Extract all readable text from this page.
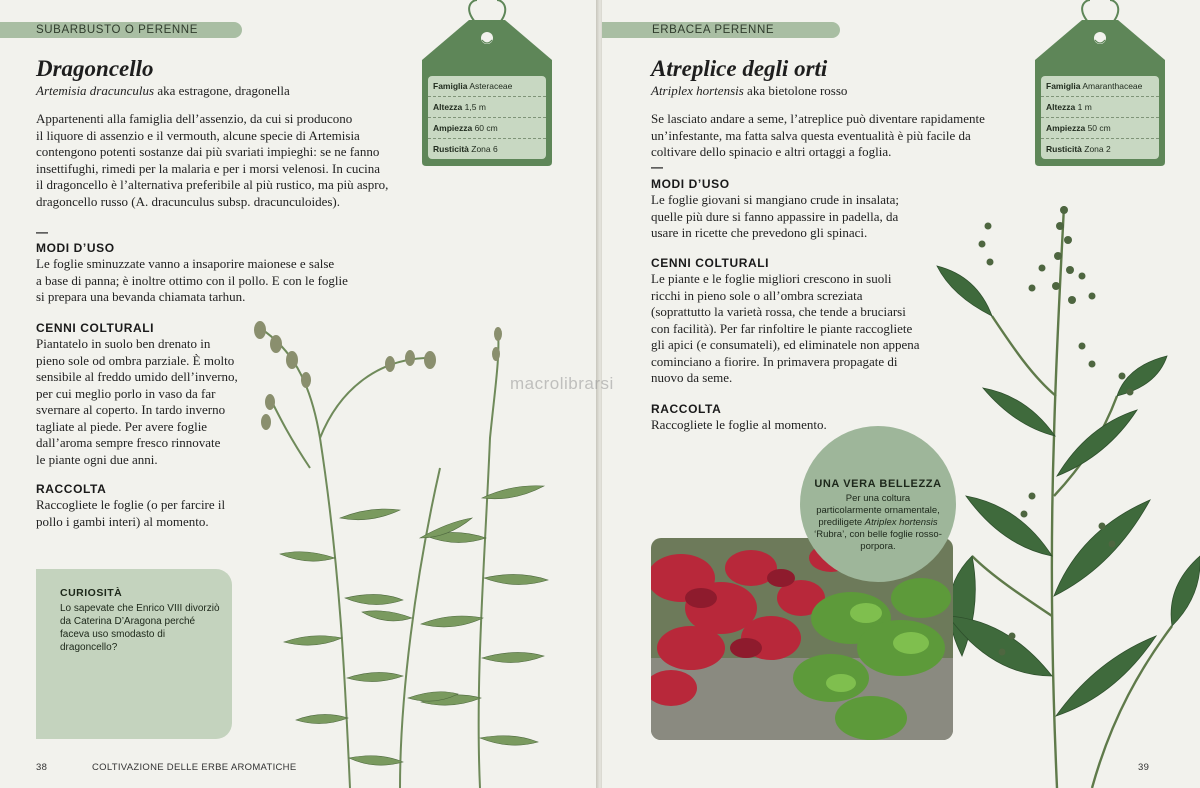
SUBARBUSTO O PERENNE
Dragoncello
Artemisia dracunculus aka estragone, dragonella

Appartenenti alla famiglia dell’assenzio, da cui si producono

il liquore di assenzio e il vermouth, alcune specie di Artemisia

contengono potenti sostanze dai più svariati impieghi: se ne fanno

insettifughi, rimedi per la malaria e per i morsi velenosi. In cucina

il dragoncello è l’alternativa preferibile al più rustico, ma più aspro,

dragoncello russo (A. dracunculus subsp. dracunculoides).

—
MODI D’USO

Le foglie sminuzzate vanno a insaporire maionese e salse

a base di panna; è inoltre ottimo con il pollo. E con le foglie

si prepara una bevanda chiamata tarhun.

CENNI COLTURALI

Piantatelo in suolo ben drenato in

pieno sole od ombra parziale. È molto

sensibile al freddo umido dell’inverno,

per cui meglio porlo in vaso da far

svernare al coperto. In tardo inverno

tagliate al piede. Per avere foglie

dall’aroma sempre fresco rinnovate

le piante ogni due anni.

RACCOLTA

Raccogliete le foglie (o per farcire il

pollo i gambi interi) al momento.

Famiglia Asteraceae
Altezza 1,5 m
Ampiezza 60 cm
Rusticità Zona 6
CURIOSITÀ

Lo sapevate che Enrico VIII divorziò da Caterina D’Aragona perché faceva uso smodasto di dragoncello?

38	COLTIVAZIONE DELLE ERBE AROMATICHE
ERBACEA PERENNE
Atreplice degli orti
Atriplex hortensis aka bietolone rosso

Se lasciato andare a seme, l’atreplice può diventare rapidamente

un’infestante, ma fatta salva questa eventualità è più facile da

coltivare dello spinacio e altri ortaggi a foglia.

—
MODI D’USO

Le foglie giovani si mangiano crude in insalata;

quelle più dure si fanno appassire in padella, da

usare in ricette che prevedono gli spinaci.

CENNI COLTURALI

Le piante e le foglie migliori crescono in suoli

ricchi in pieno sole o all’ombra screziata

(soprattutto la varietà rossa, che tende a bruciarsi

con facilità). Per far rinfoltire le piante raccogliete

gli apici (e consumateli), ed eliminatele non appena

cominciano a fiorire. In primavera propagate di

nuovo da seme.

RACCOLTA

Raccogliete le foglie al momento.

Famiglia Amaranthaceae
Altezza 1 m
Ampiezza 50 cm
Rusticità Zona 2
UNA VERA BELLEZZA

Per una coltura
particolarmente ornamentale,
prediligete Atriplex hortensis
‘Rubra’, con belle foglie rosso-
porpora.

39
macrolibrarsi
